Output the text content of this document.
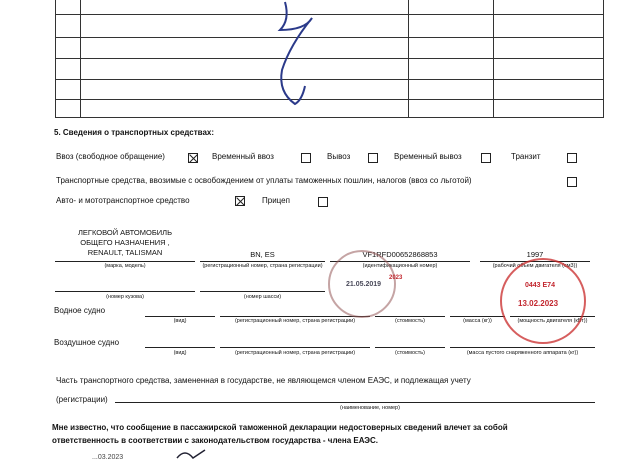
5. Сведения о транспортных средствах:
Ввоз (свободное обращение)	Временный ввоз	Вывоз	Временный вывоз	Транзит
Транспортные средства, ввозимые с освобождением от уплаты таможенных пошлин, налогов (ввоз со льготой)
Авто- и мототранспортное средство	Прицеп
ЛЕГКОВОЙ АВТОМОБИЛЬ
ОБЩЕГО НАЗНАЧЕНИЯ ,
RENAULT, TALISMAN
(марка, модель)
BN, ES
(регистрационный номер, страна регистрации)
VF1RFD00652868853
(идентификационный номер)
1997
(рабочий объем двигателя (см3))
(номер кузова)	(номер шасси)
Водное судно
(вид)	(регистрационный номер, страна регистрации)	(стоимость)	(масса (кг))	(мощность двигателя (кВт))
Воздушное судно
(вид)	(регистрационный номер, страна регистрации)	(стоимость)	(масса пустого снаряженного аппарата (кг))
Часть транспортного средства, замененная в государстве, не являющемся членом ЕАЭС, и подлежащая учету
(регистрации)
(наименование, номер)
Мне известно, что сообщение в пассажирской таможенной декларации недостоверных сведений влечет за собой
ответственность в соответствии с законодательством государства - члена ЕАЭС.
...03.2023
21.05.2019
2023
0443 Е74
13.02.2023
